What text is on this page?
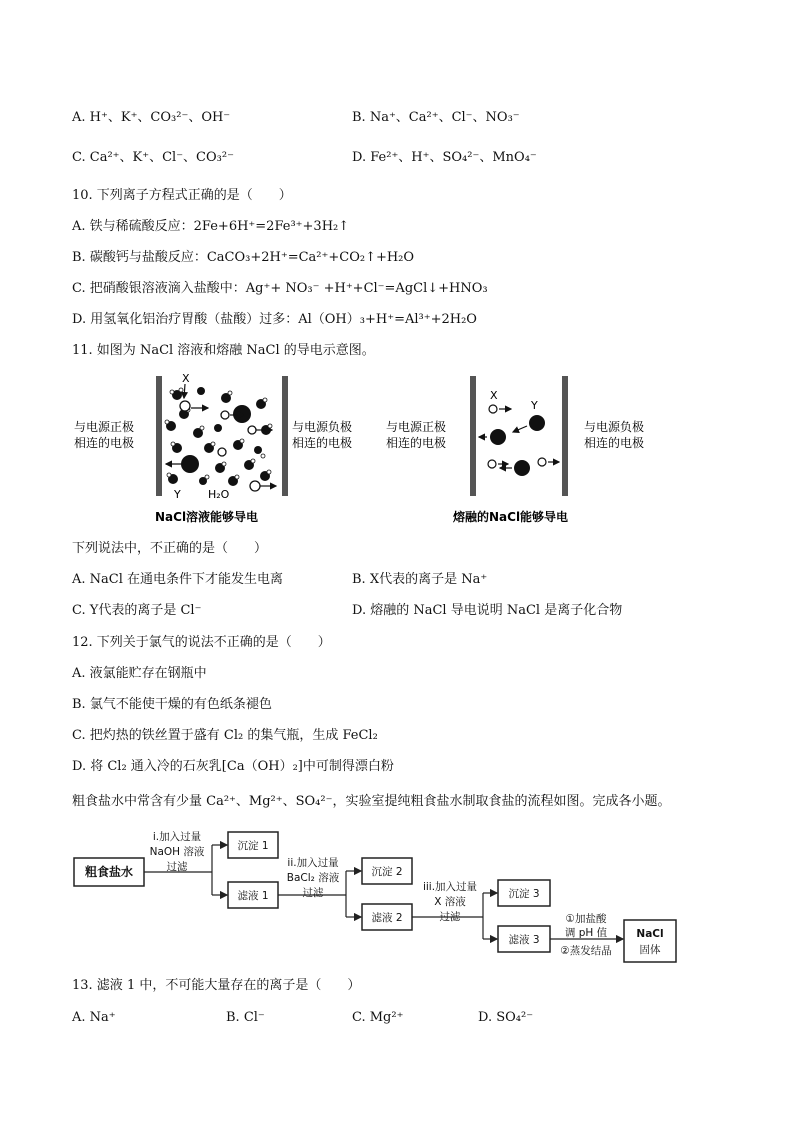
A. H⁺、K⁺、CO₃²⁻、OH⁻	B. Na⁺、Ca²⁺、Cl⁻、NO₃⁻
C. Ca²⁺、K⁺、Cl⁻、CO₃²⁻	D. Fe²⁺、H⁺、SO₄²⁻、MnO₄⁻
10. 下列离子方程式正确的是（　　）
A. 铁与稀硫酸反应：2Fe+6H⁺=2Fe³⁺+3H₂↑
B. 碳酸钙与盐酸反应：CaCO₃+2H⁺=Ca²⁺+CO₂↑+H₂O
C. 把硝酸银溶液滴入盐酸中：Ag⁺+ NO₃⁻ +H⁺+Cl⁻=AgCl↓+HNO₃
D. 用氢氧化铝治疗胃酸（盐酸）过多：Al（OH）₃+H⁺=Al³⁺+2H₂O
11. 如图为 NaCl 溶液和熔融 NaCl 的导电示意图。
与电源正极
相连的电极
与电源负极
相连的电极
X
Y H₂O
NaCl溶液能够导电
与电源正极
相连的电极
与电源负极
相连的电极
X
Y
熔融的NaCl能够导电
下列说法中，不正确的是（　　）
A. NaCl 在通电条件下才能发生电离	B. X代表的离子是 Na⁺
C. Y代表的离子是 Cl⁻	D. 熔融的 NaCl 导电说明 NaCl 是离子化合物
12. 下列关于氯气的说法不正确的是（　　）
A. 液氯能贮存在钢瓶中
B. 氯气不能使干燥的有色纸条褪色
C. 把灼热的铁丝置于盛有 Cl₂ 的集气瓶，生成 FeCl₂
D. 将 Cl₂ 通入冷的石灰乳[Ca（OH）₂]中可制得漂白粉
粗食盐水中常含有少量 Ca²⁺、Mg²⁺、SO₄²⁻，实验室提纯粗食盐水制取食盐的流程如图。完成各小题。
粗食盐水
i.加入过量
NaOH 溶液
过滤
沉淀 1
滤液 1
ii.加入过量
BaCl₂ 溶液
过滤
沉淀 2
滤液 2
iii.加入过量
X 溶液
过滤
沉淀 3
滤液 3
①加盐酸
调 pH 值
②蒸发结晶
NaCl
固体
13. 滤液 1 中，不可能大量存在的离子是（　　）
A. Na⁺	B. Cl⁻	C. Mg²⁺	D. SO₄²⁻
